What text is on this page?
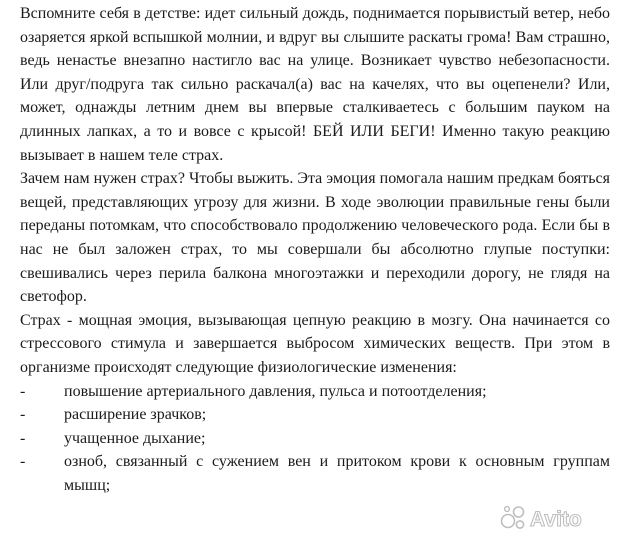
Вспомните себя в детстве: идет сильный дождь, поднимается порывистый ветер, небо озаряется яркой вспышкой молнии, и вдруг вы слышите раскаты грома! Вам страшно, ведь ненастье внезапно настигло вас на улице. Возникает чувство небезопасности. Или друг/подруга так сильно раскачал(а) вас на качелях, что вы оцепенели? Или, может, однажды летним днем вы впервые сталкиваетесь с большим пауком на длинных лапках, а то и вовсе с крысой! БЕЙ ИЛИ БЕГИ! Именно такую реакцию вызывает в нашем теле страх.

Зачем нам нужен страх? Чтобы выжить. Эта эмоция помогала нашим предкам бояться вещей, представляющих угрозу для жизни. В ходе эволюции правильные гены были переданы потомкам, что способствовало продолжению человеческого рода. Если бы в нас не был заложен страх, то мы совершали бы абсолютно глупые поступки: свешивались через перила балкона многоэтажки и переходили дорогу, не глядя на светофор.

Страх - мощная эмоция, вызывающая цепную реакцию в мозгу. Она начинается со стрессового стимула и завершается выбросом химических веществ. При этом в организме происходят следующие физиологические изменения:

-	повышение артериального давления, пульса и потоотделения;
-	расширение зрачков;
-	учащенное дыхание;
-	озноб, связанный с сужением вен и притоком крови к основным группам мышц;
Avito
